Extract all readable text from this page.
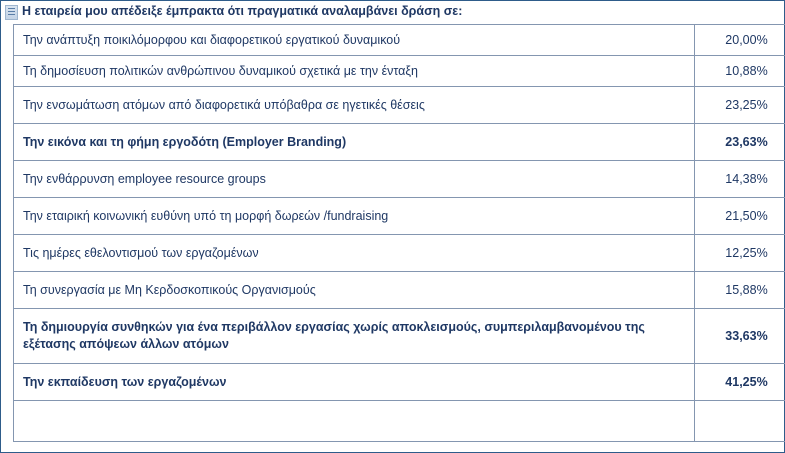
Η εταιρεία μου απέδειξε έμπρακτα ότι πραγματικά αναλαμβάνει δράση σε:
Την ανάπτυξη ποικιλόμορφου και διαφορετικού εργατικού δυναμικού	20,00%
Τη δημοσίευση πολιτικών ανθρώπινου δυναμικού σχετικά με την ένταξη	10,88%
Την ενσωμάτωση ατόμων από διαφορετικά υπόβαθρα σε ηγετικές θέσεις	23,25%
Την εικόνα και τη φήμη εργοδότη (Employer Branding)	23,63%
Την ενθάρρυνση employee resource groups	14,38%
Την εταιρική κοινωνική ευθύνη υπό τη μορφή δωρεών /fundraising	21,50%
Τις ημέρες εθελοντισμού των εργαζομένων	12,25%
Τη συνεργασία με Μη Κερδοσκοπικούς Οργανισμούς	15,88%
Τη δημιουργία συνθηκών για ένα περιβάλλον εργασίας χωρίς αποκλεισμούς, συμπεριλαμβανομένου της εξέτασης απόψεων άλλων ατόμων	33,63%
Την εκπαίδευση των εργαζομένων	41,25%
